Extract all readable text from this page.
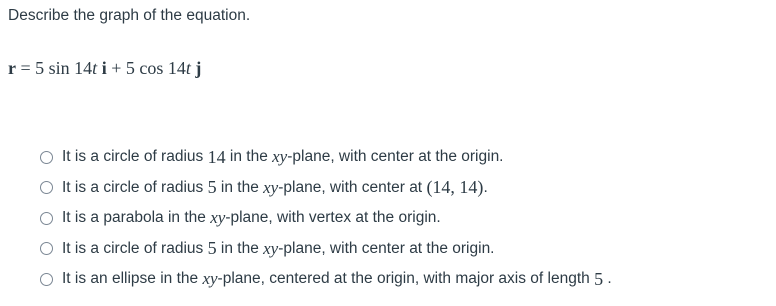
Describe the graph of the equation.
r = 5 sin 14t i + 5 cos 14t j
It is a circle of radius
14
in the
xy -plane, with center at the origin.
It is a circle of radius
5
in the
xy -plane, with center at
(14, 14) .
It is a parabola in the
xy -plane, with vertex at the origin.
It is a circle of radius
5
in the
xy -plane, with center at the origin.
It is an ellipse in the
xy -plane, centered at the origin, with major axis of length
5
.
